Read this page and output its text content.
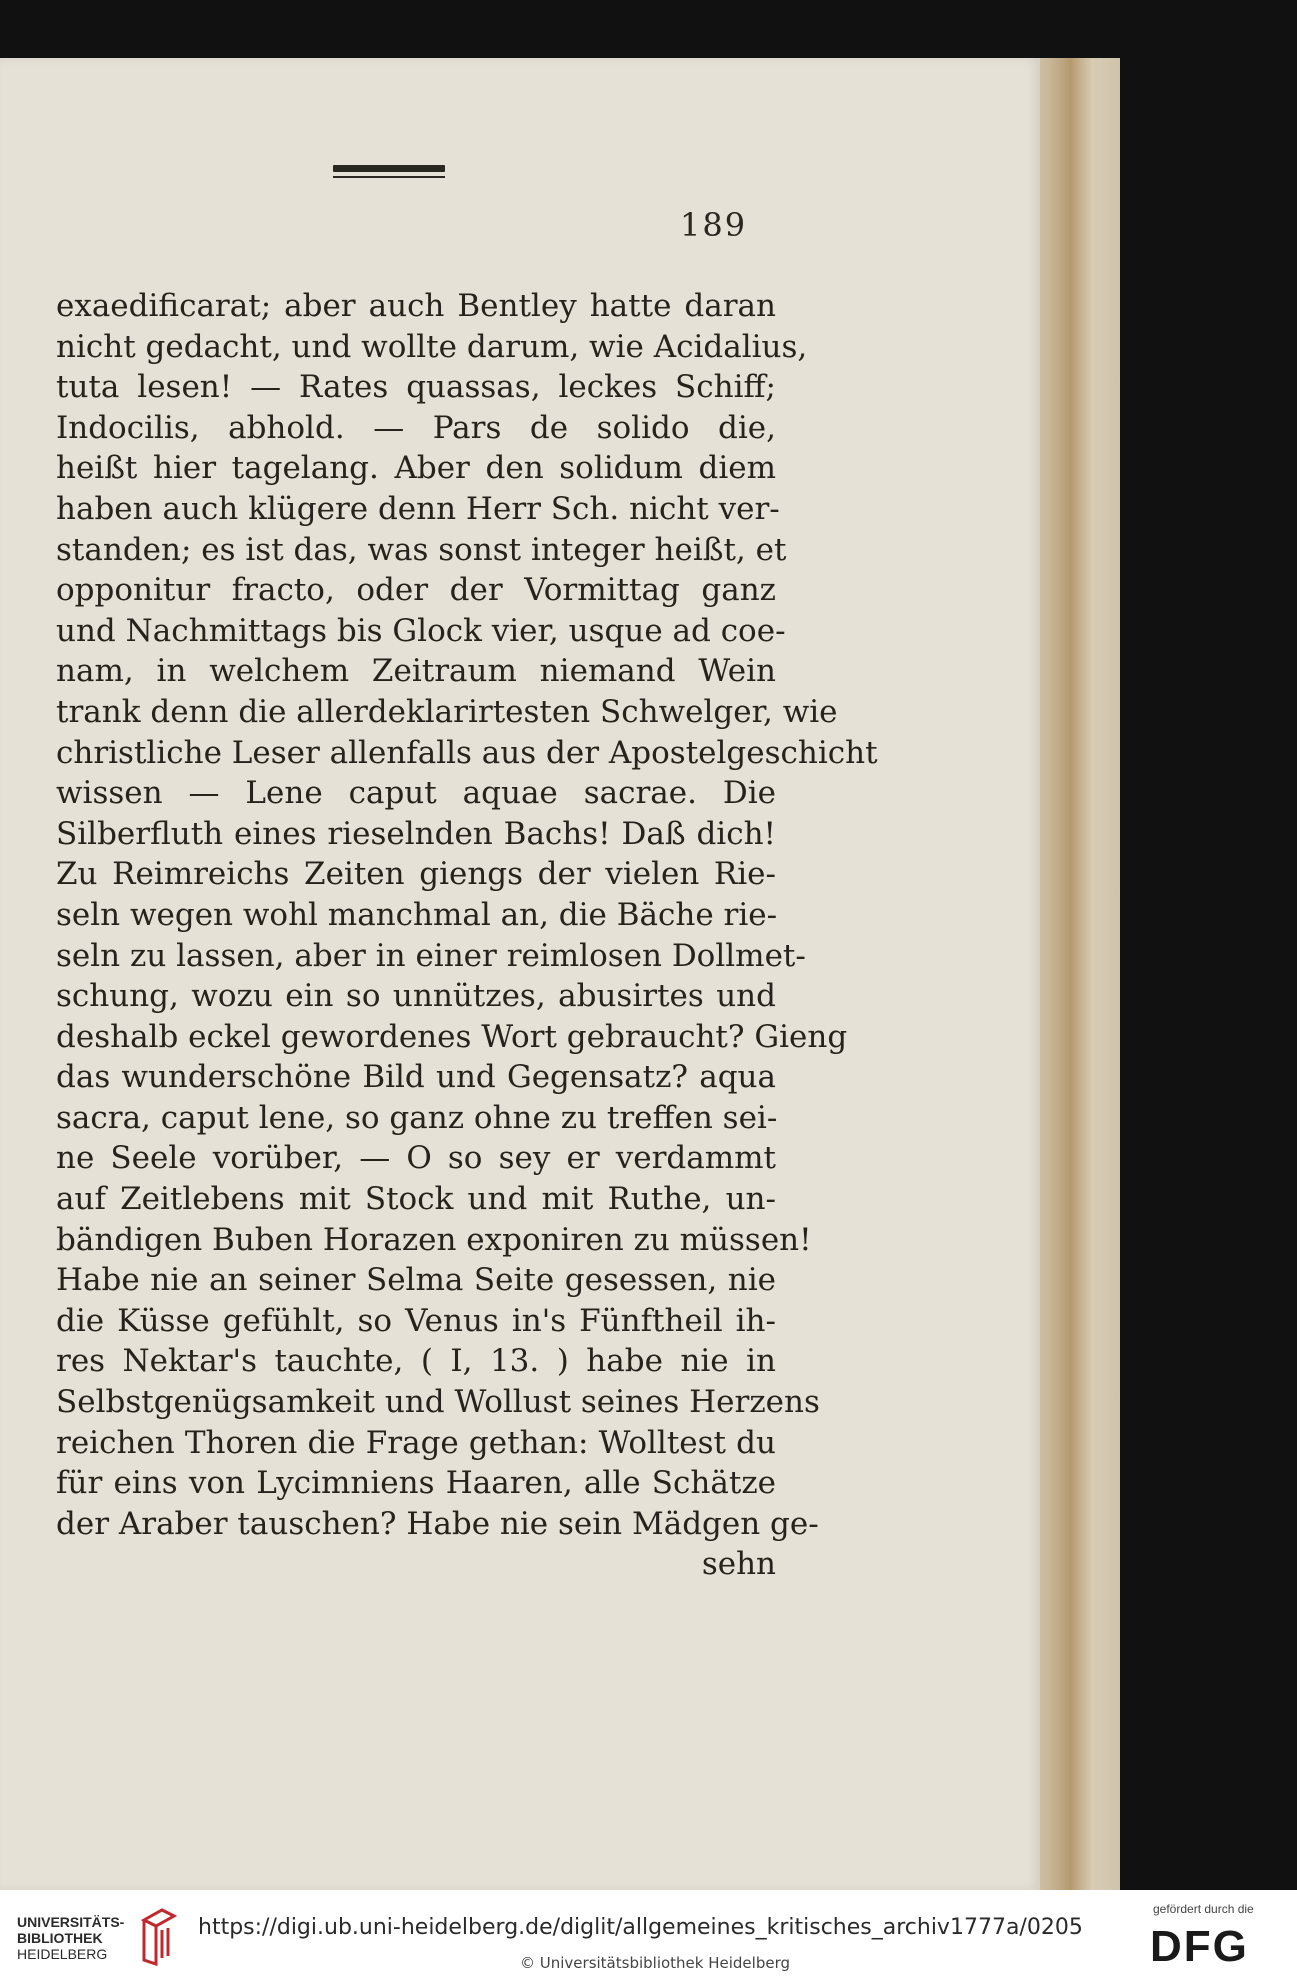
189
exaedificarat; aber auch Bentley hatte daran
nicht gedacht, und wollte darum, wie Acidalius,
tuta lesen! — Rates quassas, leckes Schiff;
Indocilis, abhold. — Pars de solido die,
heißt hier tagelang. Aber den solidum diem
haben auch klügere denn Herr Sch. nicht ver-
standen; es ist das, was sonst integer heißt, et
opponitur fracto, oder der Vormittag ganz
und Nachmittags bis Glock vier, usque ad coe-
nam, in welchem Zeitraum niemand Wein
trank denn die allerdeklarirtesten Schwelger, wie
christliche Leser allenfalls aus der Apostelgeschicht
wissen — Lene caput aquae sacrae. Die
Silberfluth eines rieselnden Bachs! Daß dich!
Zu Reimreichs Zeiten giengs der vielen Rie-
seln wegen wohl manchmal an, die Bäche rie-
seln zu lassen, aber in einer reimlosen Dollmet-
schung, wozu ein so unnützes, abusirtes und
deshalb eckel gewordenes Wort gebraucht? Gieng
das wunderschöne Bild und Gegensatz? aqua
sacra, caput lene, so ganz ohne zu treffen sei-
ne Seele vorüber, — O so sey er verdammt
auf Zeitlebens mit Stock und mit Ruthe, un-
bändigen Buben Horazen exponiren zu müssen!
Habe nie an seiner Selma Seite gesessen, nie
die Küsse gefühlt, so Venus in's Fünftheil ih-
res Nektar's tauchte, ( I, 13. ) habe nie in
Selbstgenügsamkeit und Wollust seines Herzens
reichen Thoren die Frage gethan: Wolltest du
für eins von Lycimniens Haaren, alle Schätze
der Araber tauschen? Habe nie sein Mädgen ge-
sehn
UNIVERSITÄTS-
BIBLIOTHEK
HEIDELBERG
https://digi.ub.uni-heidelberg.de/diglit/allgemeines_kritisches_archiv1777a/0205
© Universitätsbibliothek Heidelberg
gefördert durch die
DFG
